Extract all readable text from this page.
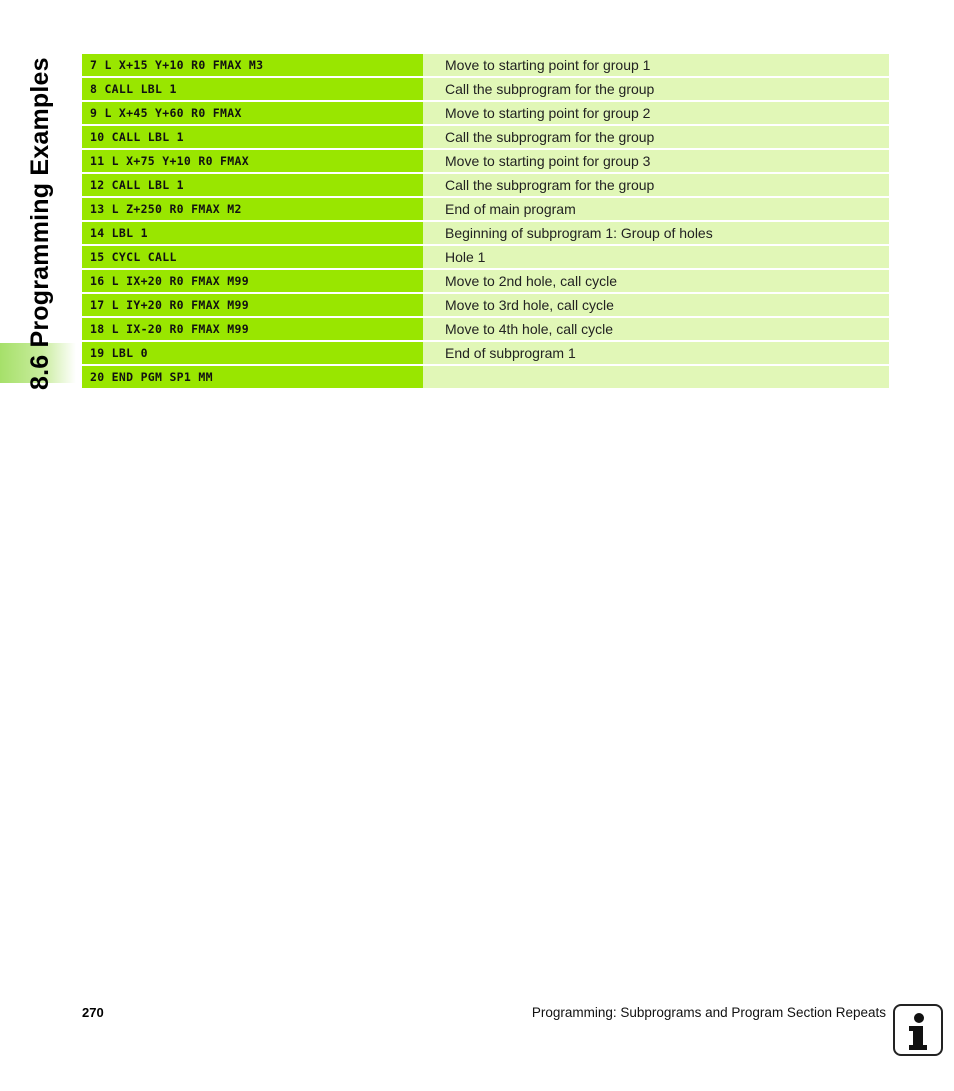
8.6 Programming Examples	7 L X+15 Y+10 R0 FMAX M3	Move to starting point for group 1
8 CALL LBL 1	Call the subprogram for the group
9 L X+45 Y+60 R0 FMAX	Move to starting point for group 2
10 CALL LBL 1	Call the subprogram for the group
11 L X+75 Y+10 R0 FMAX	Move to starting point for group 3
12 CALL LBL 1	Call the subprogram for the group
13 L Z+250 R0 FMAX M2	End of main program
14 LBL 1	Beginning of subprogram 1: Group of holes
15 CYCL CALL	Hole 1
16 L IX+20 R0 FMAX M99	Move to 2nd hole, call cycle
17 L IY+20 R0 FMAX M99	Move to 3rd hole, call cycle
18 L IX-20 R0 FMAX M99	Move to 4th hole, call cycle
19 LBL 0	End of subprogram 1
20 END PGM SP1 MM
270	Programming: Subprograms and Program Section Repeats
